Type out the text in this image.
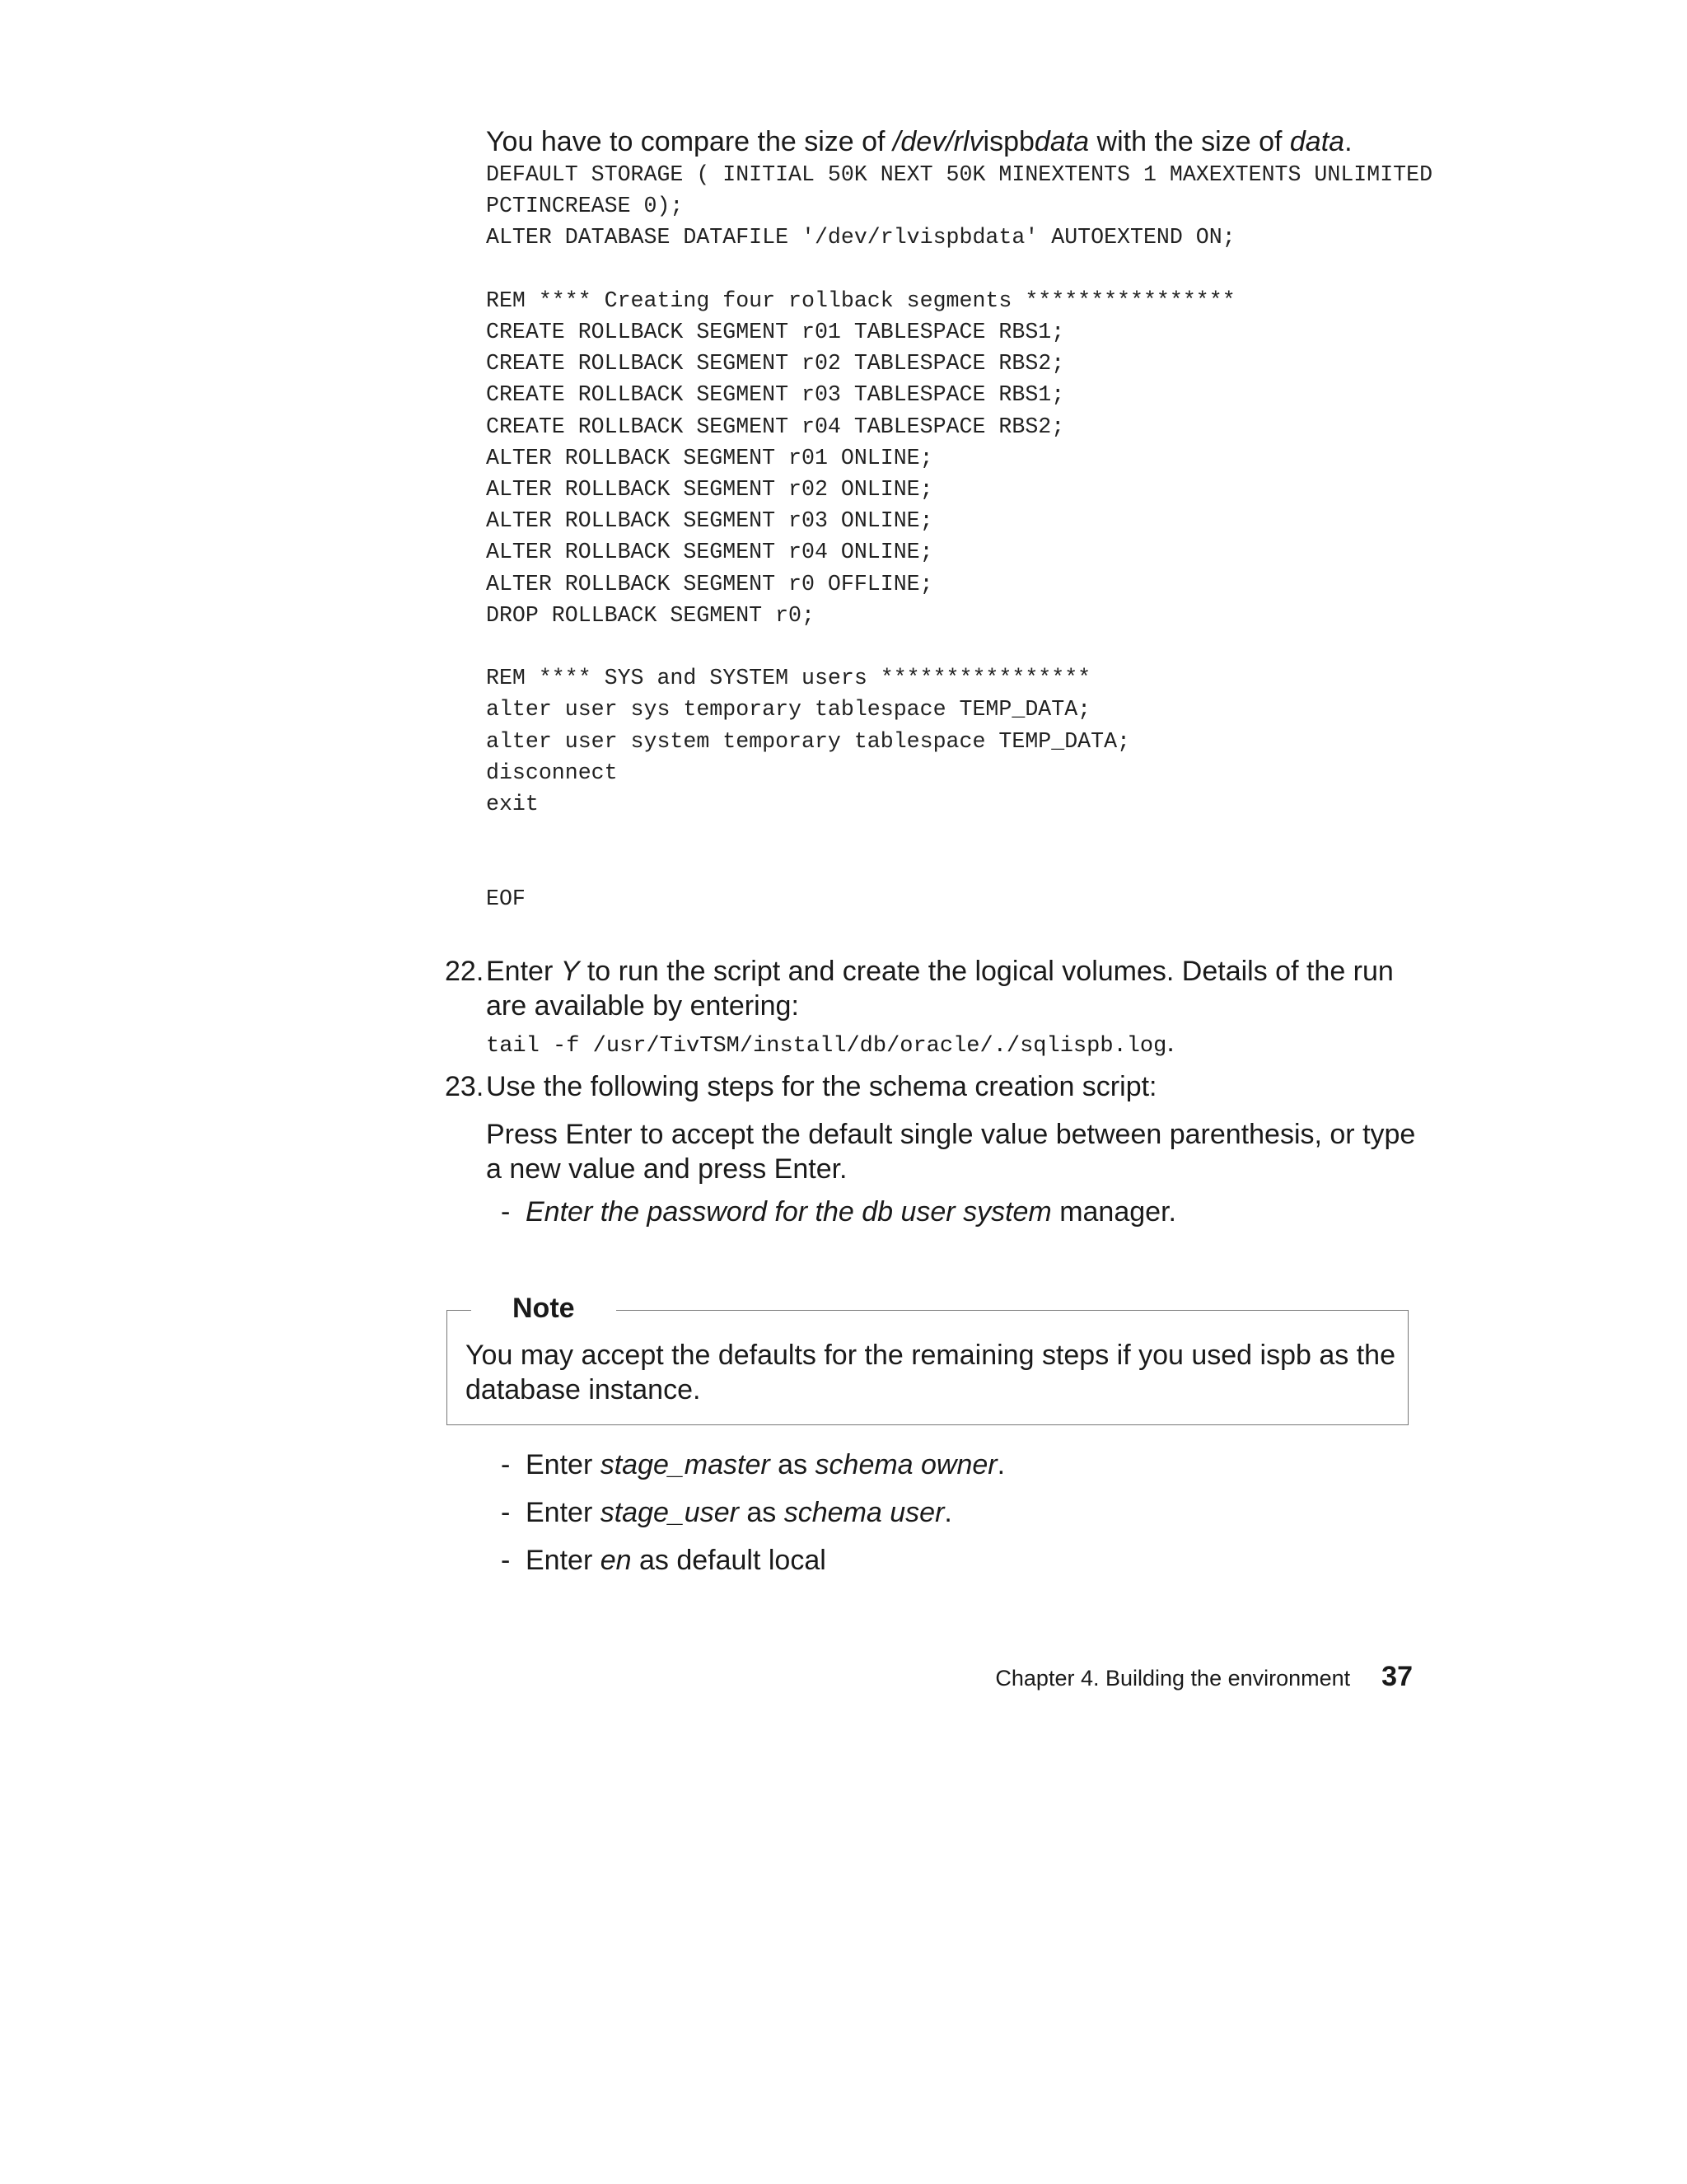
You have to compare the size of /dev/rlvispbdata with the size of data.
DEFAULT STORAGE ( INITIAL 50K NEXT 50K MINEXTENTS 1 MAXEXTENTS UNLIMITED
PCTINCREASE 0);
ALTER DATABASE DATAFILE '/dev/rlvispbdata' AUTOEXTEND ON;

REM **** Creating four rollback segments ****************
CREATE ROLLBACK SEGMENT r01 TABLESPACE RBS1;
CREATE ROLLBACK SEGMENT r02 TABLESPACE RBS2;
CREATE ROLLBACK SEGMENT r03 TABLESPACE RBS1;
CREATE ROLLBACK SEGMENT r04 TABLESPACE RBS2;
ALTER ROLLBACK SEGMENT r01 ONLINE;
ALTER ROLLBACK SEGMENT r02 ONLINE;
ALTER ROLLBACK SEGMENT r03 ONLINE;
ALTER ROLLBACK SEGMENT r04 ONLINE;
ALTER ROLLBACK SEGMENT r0 OFFLINE;
DROP ROLLBACK SEGMENT r0;

REM **** SYS and SYSTEM users ****************
alter user sys temporary tablespace TEMP_DATA;
alter user system temporary tablespace TEMP_DATA;
disconnect
exit

EOF

22. Enter Y to run the script and create the logical volumes. Details of the run are available by entering:
tail -f /usr/TivTSM/install/db/oracle/./sqlispb.log.
23. Use the following steps for the schema creation script:
Press Enter to accept the default single value between parenthesis, or type a new value and press Enter.
- Enter the password for the db user system manager.
Note
You may accept the defaults for the remaining steps if you used ispb as the database instance.
- Enter stage_master as schema owner.
- Enter stage_user as schema user.
- Enter en as default local
Chapter 4. Building the environment 37
